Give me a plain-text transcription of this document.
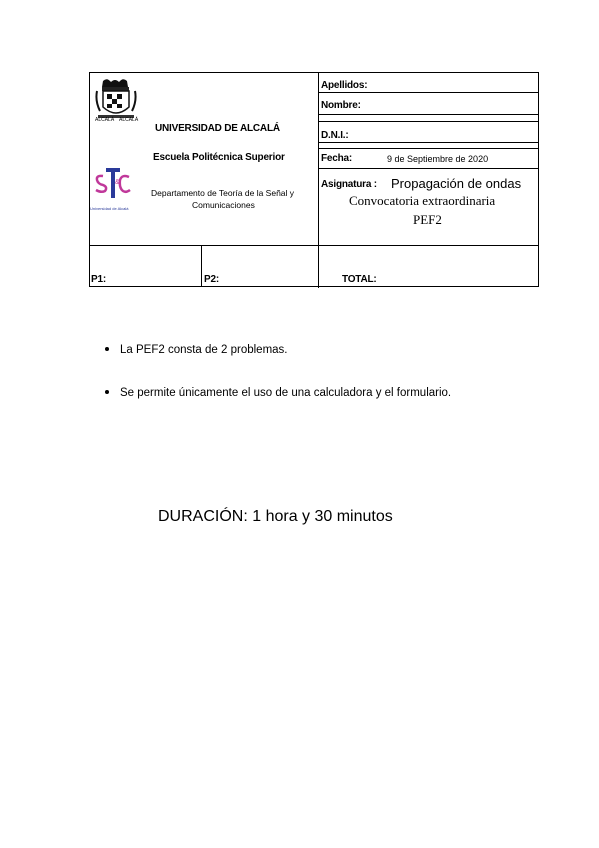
ALCALÁ ALCALÁ
UNIVERSIDAD DE ALCALÁ
Escuela Politécnica Superior
&
Universidad de Alcalá
Departamento de Teoría de la Señal y
Comunicaciones
Apellidos:
Nombre:
D.N.I.:
Fecha:	9 de Septiembre de 2020
Asignatura : Propagación de ondas
Convocatoria extraordinaria
PEF2
P1:	P2:	TOTAL:
La PEF2 consta de 2 problemas.
Se permite únicamente el uso de una calculadora y el formulario.
DURACIÓN: 1 hora y 30 minutos
